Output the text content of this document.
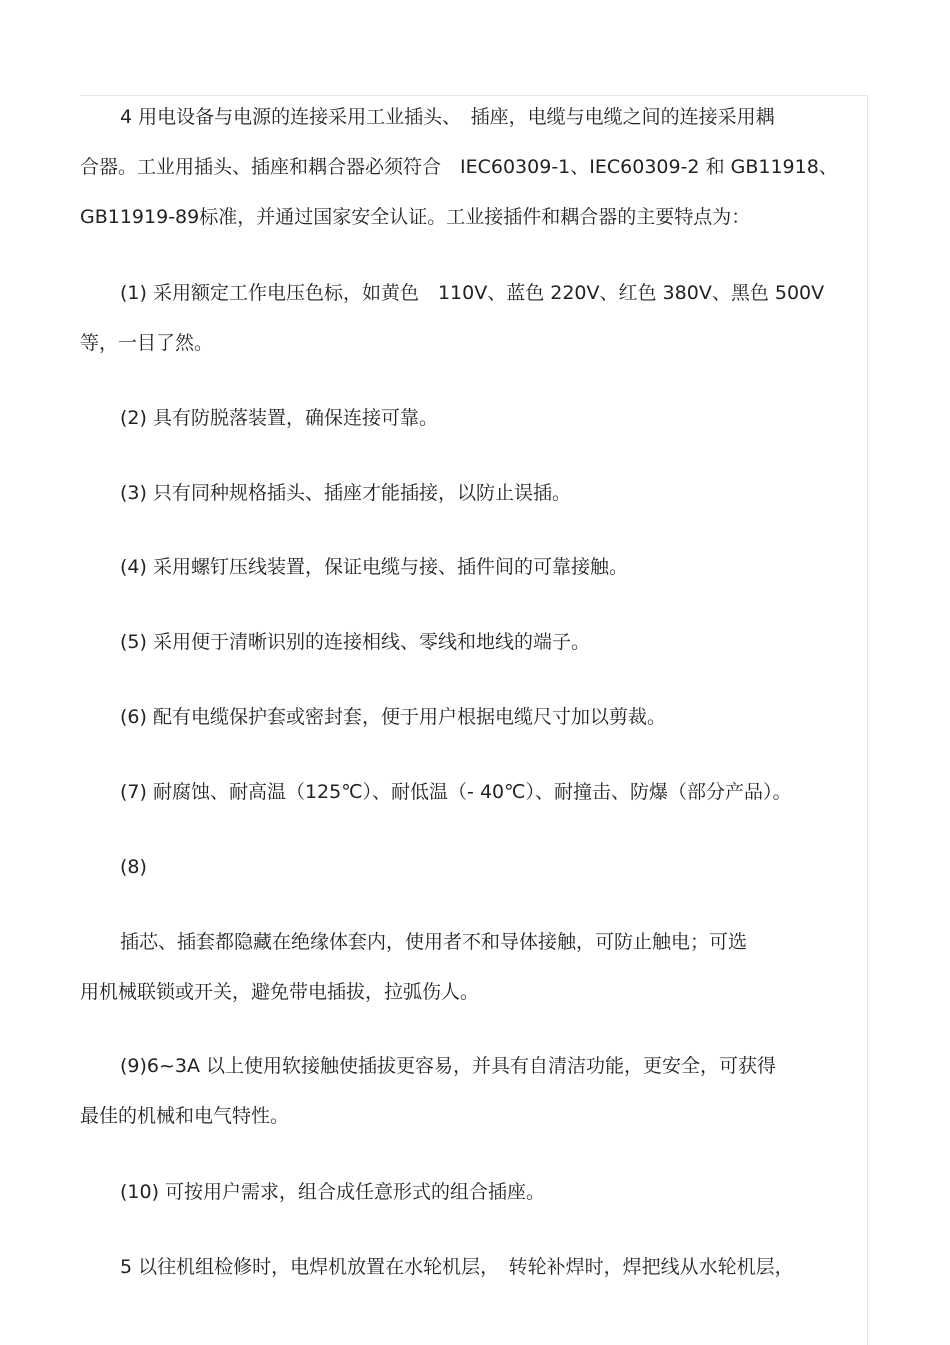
4 用电设备与电源的连接采用工业插头、　插座，电缆与电缆之间的连接采用耦
合器。工业用插头、插座和耦合器必须符合　IEC60309-1、IEC60309-2 和 GB11918、
GB11919-89标准，并通过国家安全认证。工业接插件和耦合器的主要特点为：
(1) 采用额定工作电压色标，如黄色　110V、蓝色 220V、红色 380V、黑色 500V
等，一目了然。
(2) 具有防脱落装置，确保连接可靠。
(3) 只有同种规格插头、插座才能插接，以防止误插。
(4) 采用螺钉压线装置，保证电缆与接、插件间的可靠接触。
(5) 采用便于清晰识别的连接相线、零线和地线的端子。
(6) 配有电缆保护套或密封套，便于用户根据电缆尺寸加以剪裁。
(7) 耐腐蚀、耐高温（125℃）、耐低温（- 40℃）、耐撞击、防爆（部分产品）。
(8)
插芯、插套都隐藏在绝缘体套内，使用者不和导体接触，可防止触电；可选
用机械联锁或开关，避免带电插拔，拉弧伤人。
(9)6~3A 以上使用软接触使插拔更容易，并具有自清洁功能，更安全，可获得
最佳的机械和电气特性。
(10) 可按用户需求，组合成任意形式的组合插座。
5 以往机组检修时，电焊机放置在水轮机层，　转轮补焊时，焊把线从水轮机层，
